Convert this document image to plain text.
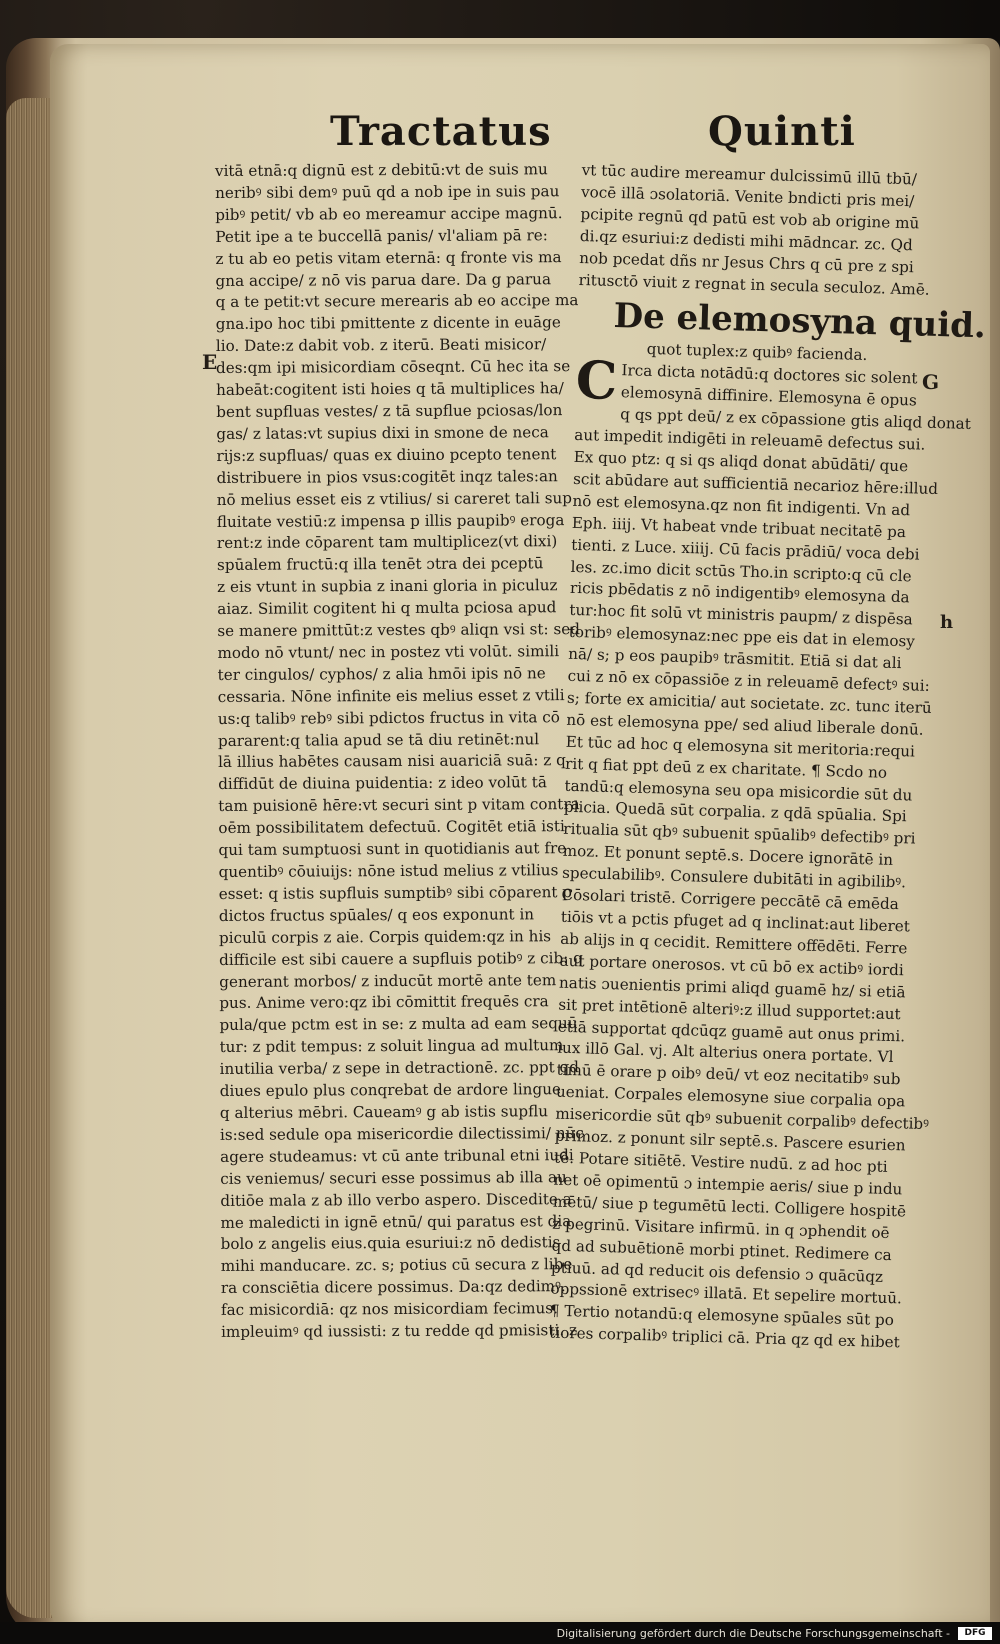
Tractatus	Quinti
E
G
h
vitā etnā:q dignū est z debitū:vt de suis mu
neribꝰ sibi demꝰ puū qd a nob ipe in suis pau
pibꝰ petit/ vb ab eo mereamur accipe magnū.
Petit ipe a te buccellā panis/ vl'aliam pā re:
z tu ab eo petis vitam eternā: q fronte vis ma
gna accipe/ z nō vis parua dare. Da g parua
q a te petit:vt secure merearis ab eo accipe ma
gna.ipo hoc tibi pmittente z dicente in euāge
lio. Date:z dabit vob. z iterū. Beati misicor/
des:qm ipi misicordiam cōseqnt. Cū hec ita se
habeāt:cogitent isti hoies q tā multiplices ha/
bent supfluas vestes/ z tā supflue pciosas/lon
gas/ z latas:vt supius dixi in smone de neca
rijs:z supfluas/ quas ex diuino pcepto tenent
distribuere in pios vsus:cogitēt inqz tales:an
nō melius esset eis z vtilius/ si careret tali sup
fluitate vestiū:z impensa p illis paupibꝰ eroga
rent:z inde cōparent tam multiplicez(vt dixi)
spūalem fructū:q illa tenēt ɔtra dei pceptū
z eis vtunt in supbia z inani gloria in piculuz
aiaz. Similit cogitent hi q multa pciosa apud
se manere pmittūt:z vestes qbꝰ aliqn vsi st: sed
modo nō vtunt/ nec in postez vti volūt. simili
ter cingulos/ cyphos/ z alia hmōi ipis nō ne
cessaria. Nōne infinite eis melius esset z vtili
us:q talibꝰ rebꝰ sibi pdictos fructus in vita cō
pararent:q talia apud se tā diu retinēt:nul
lā illius habētes causam nisi auariciā suā: z q
diffidūt de diuina puidentia: z ideo volūt tā
tam puisionē hēre:vt securi sint p vitam contra
oēm possibilitatem defectuū. Cogitēt etiā isti
qui tam sumptuosi sunt in quotidianis aut fre
quentibꝰ cōuiuijs: nōne istud melius z vtilius
esset: q istis supfluis sumptibꝰ sibi cōparent p
dictos fructus spūales/ q eos exponunt in
piculū corpis z aie. Corpis quidem:qz in his
difficile est sibi cauere a supfluis potibꝰ z cib: q
generant morbos/ z inducūt mortē ante tem
pus. Anime vero:qz ibi cōmittit frequēs cra
pula/que pctm est in se: z multa ad eam sequū
tur: z pdit tempus: z soluit lingua ad multum
inutilia verba/ z sepe in detractionē. zc. ppt qd
diues epulo plus conqrebat de ardore lingue
q alterius mēbri. Caueamꝰ g ab istis supflu
is:sed sedule opa misericordie dilectissimi/ nūc
agere studeamus: vt cū ante tribunal etni iudi
cis veniemus/ securi esse possimus ab illa au
ditiōe mala z ab illo verbo aspero. Discedite a
me maledicti in ignē etnū/ qui paratus est dia
bolo z angelis eius.quia esuriui:z nō dedistis
mihi manducare. zc. s; potius cū secura z libe
ra consciētia dicere possimus. Da:qz dedimꝰ.
fac misicordiā: qz nos misicordiam fecimus.
impleuimꝰ qd iussisti: z tu redde qd pmisisti. z
vt tūc audire mereamur dulcissimū illū tbū/
vocē illā ɔsolatoriā. Venite bndicti pris mei/
pcipite regnū qd patū est vob ab origine mū
di.qz esuriui:z dedisti mihi mādncar. zc. Qd
nob pcedat dñs nr Jesus Chrs q cū pre z spi
ritusctō viuit z regnat in secula seculoz. Amē.
De elemosyna quid.
quot tuplex:z quibꝰ facienda.
C Irca dicta notādū:q doctores sic solent
elemosynā diffinire. Elemosyna ē opus
q qs ppt deū/ z ex cōpassione gtis aliqd donat
aut impedit indigēti in releuamē defectus sui.
Ex quo ptz: q si qs aliqd donat abūdāti/ que
scit abūdare aut sufficientiā necarioz hēre:illud
nō est elemosyna.qz non fit indigenti. Vn ad
Eph. iiij. Vt habeat vnde tribuat necitatē pa
tienti. z Luce. xiiij. Cū facis prādiū/ voca debi
les. zc.imo dicit sctūs Tho.in scripto:q cū cle
ricis pbēdatis z nō indigentibꝰ elemosyna da
tur:hoc fit solū vt ministris paupm/ z dispēsa
toribꝰ elemosynaz:nec ppe eis dat in elemosy
nā/ s; p eos paupibꝰ trāsmitit. Etiā si dat ali
cui z nō ex cōpassiōe z in releuamē defectꝰ sui:
s; forte ex amicitia/ aut societate. zc. tunc iterū
nō est elemosyna ppe/ sed aliud liberale donū.
Et tūc ad hoc q elemosyna sit meritoria:requi
rit q fiat ppt deū z ex charitate. ¶ Scdo no
tandū:q elemosyna seu opa misicordie sūt du
plicia. Quedā sūt corpalia. z qdā spūalia. Spi
ritualia sūt qbꝰ subuenit spūalibꝰ defectibꝰ pri
moz. Et ponunt septē.s. Docere ignorātē in
speculabilibꝰ. Consulere dubitāti in agibilibꝰ.
Cōsolari tristē. Corrigere peccātē cā emēda
tiōis vt a pctis pfuget ad q inclinat:aut liberet
ab alijs in q cecidit. Remittere offēdēti. Ferre
aut portare onerosos. vt cū bō ex actibꝰ iordi
natis ɔuenientis primi aliqd guamē hz/ si etiā
sit pret intētionē alteriꝰ:z illud supportet:aut
etiā supportat qdcūqz guamē aut onus primi.
iux illō Gal. vj. Alt alterius onera portate. Vl
timū ē orare p oibꝰ deū/ vt eoz necitatibꝰ sub
ueniat. Corpales elemosyne siue corpalia opa
misericordie sūt qbꝰ subuenit corpalibꝰ defectibꝰ
primoz. z ponunt silr septē.s. Pascere esurien
tē. Potare sitiētē. Vestire nudū. z ad hoc pti
net oē opimentū ɔ intempie aeris/ siue p indu
mētū/ siue p tegumētū lecti. Colligere hospitē
z pegrinū. Visitare infirmū. in q ɔphendit oē
qd ad subuētionē morbi ptinet. Redimere ca
ptiuū. ad qd reducit ois defensio ɔ quācūqz
oppssionē extrisecꝰ illatā. Et sepelire mortuū.
¶ Tertio notandū:q elemosyne spūales sūt po
tiores corpalibꝰ triplici cā. Pria qz qd ex hibet
Digitalisierung gefördert durch die Deutsche Forschungsgemeinschaft -	DFG
